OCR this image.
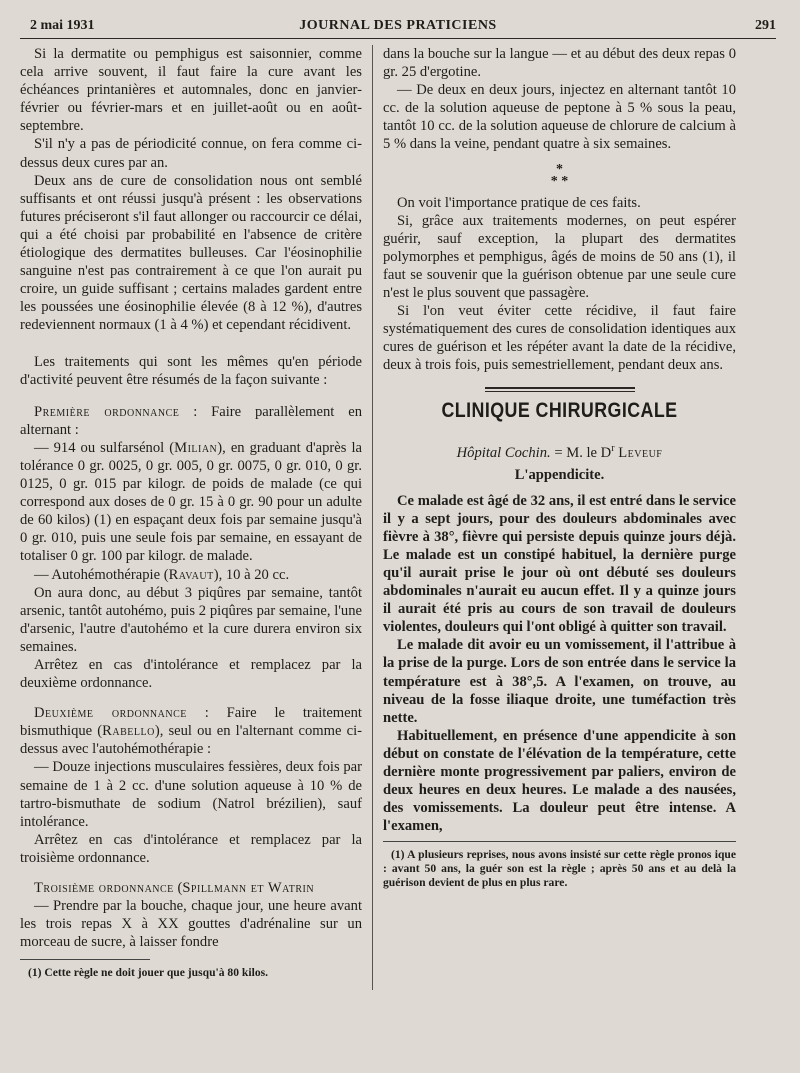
2 mai 1931	JOURNAL DES PRATICIENS	291

Si la dermatite ou pemphigus est saisonnier, comme cela arrive souvent, il faut faire la cure avant les échéances printanières et automnales, donc en janvier-février ou février-mars et en juillet-août ou en août-septembre.

S'il n'y a pas de périodicité connue, on fera comme ci-dessus deux cures par an.

Deux ans de cure de consolidation nous ont semblé suffisants et ont réussi jusqu'à présent : les observations futures préciseront s'il faut allonger ou raccourcir ce délai, qui a été choisi par probabilité en l'absence de critère étiologique des dermatites bulleuses. Car l'éosinophilie sanguine n'est pas contrairement à ce que l'on aurait pu croire, un guide suffisant ; certains malades gardent entre les poussées une éosinophilie élevée (8 à 12 %), d'autres redeviennent normaux (1 à 4 %) et cependant récidivent.

Les traitements qui sont les mêmes qu'en période d'activité peuvent être résumés de la façon suivante :

Première ordonnance : Faire parallèlement en alternant :

— 914 ou sulfarsénol (Milian), en graduant d'après la tolérance 0 gr. 0025, 0 gr. 005, 0 gr. 0075, 0 gr. 010, 0 gr. 0125, 0 gr. 015 par kilogr. de poids de malade (ce qui correspond aux doses de 0 gr. 15 à 0 gr. 90 pour un adulte de 60 kilos) (1) en espaçant deux fois par semaine jusqu'à 0 gr. 010, puis une seule fois par semaine, en essayant de totaliser 0 gr. 100 par kilogr. de malade.

— Autohémothérapie (Ravaut), 10 à 20 cc.

On aura donc, au début 3 piqûres par semaine, tantôt arsenic, tantôt autohémo, puis 2 piqûres par semaine, l'une d'arsenic, l'autre d'autohémo et la cure durera environ six semaines.

Arrêtez en cas d'intolérance et remplacez par la deuxième ordonnance.

Deuxième ordonnance : Faire le traitement bismuthique (Rabello), seul ou en l'alternant comme ci-dessus avec l'autohémothérapie :

— Douze injections musculaires fessières, deux fois par semaine de 1 à 2 cc. d'une solution aqueuse à 10 % de tartro-bismuthate de sodium (Natrol brézilien), sauf intolérance.

Arrêtez en cas d'intolérance et remplacez par la troisième ordonnance.

Troisième ordonnance (Spillmann et Watrin

— Prendre par la bouche, chaque jour, une heure avant les trois repas X à XX gouttes d'adrénaline sur un morceau de sucre, à laisser fondre

(1) Cette règle ne doit jouer que jusqu'à 80 kilos.

dans la bouche sur la langue — et au début des deux repas 0 gr. 25 d'ergotine.

— De deux en deux jours, injectez en alternant tantôt 10 cc. de la solution aqueuse de peptone à 5 % sous la peau, tantôt 10 cc. de la solution aqueuse de chlorure de calcium à 5 % dans la veine, pendant quatre à six semaines.

*
* *

On voit l'importance pratique de ces faits.

Si, grâce aux traitements modernes, on peut espérer guérir, sauf exception, la plupart des dermatites polymorphes et pemphigus, âgés de moins de 50 ans (1), il faut se souvenir que la guérison obtenue par une seule cure n'est le plus souvent que passagère.

Si l'on veut éviter cette récidive, il faut faire systématiquement des cures de consolidation identiques aux cures de guérison et les répéter avant la date de la récidive, deux à trois fois, puis semestriellement, pendant deux ans.

CLINIQUE CHIRURGICALE
Hôpital Cochin. = M. le $D^r$ Leveuf
L'appendicite.

Ce malade est âgé de 32 ans, il est entré dans le service il y a sept jours, pour des douleurs abdominales avec fièvre à 38°, fièvre qui persiste depuis quinze jours déjà. Le malade est un constipé habituel, la dernière purge qu'il aurait prise le jour où ont débuté ses douleurs abdominales n'aurait eu aucun effet. Il y a quinze jours il aurait été pris au cours de son travail de douleurs violentes, douleurs qui l'ont obligé à quitter son travail.

Le malade dit avoir eu un vomissement, il l'attribue à la prise de la purge. Lors de son entrée dans le service la température est à 38°,5. A l'examen, on trouve, au niveau de la fosse iliaque droite, une tuméfaction très nette.

Habituellement, en présence d'une appendicite à son début on constate de l'élévation de la température, cette dernière monte progressivement par paliers, environ de deux heures en deux heures. Le malade a des nausées, des vomissements. La douleur peut être intense. A l'examen,

(1) A plusieurs reprises, nous avons insisté sur cette règle pronos ique : avant 50 ans, la guér son est la règle ; après 50 ans et au delà la guérison devient de plus en plus rare.
